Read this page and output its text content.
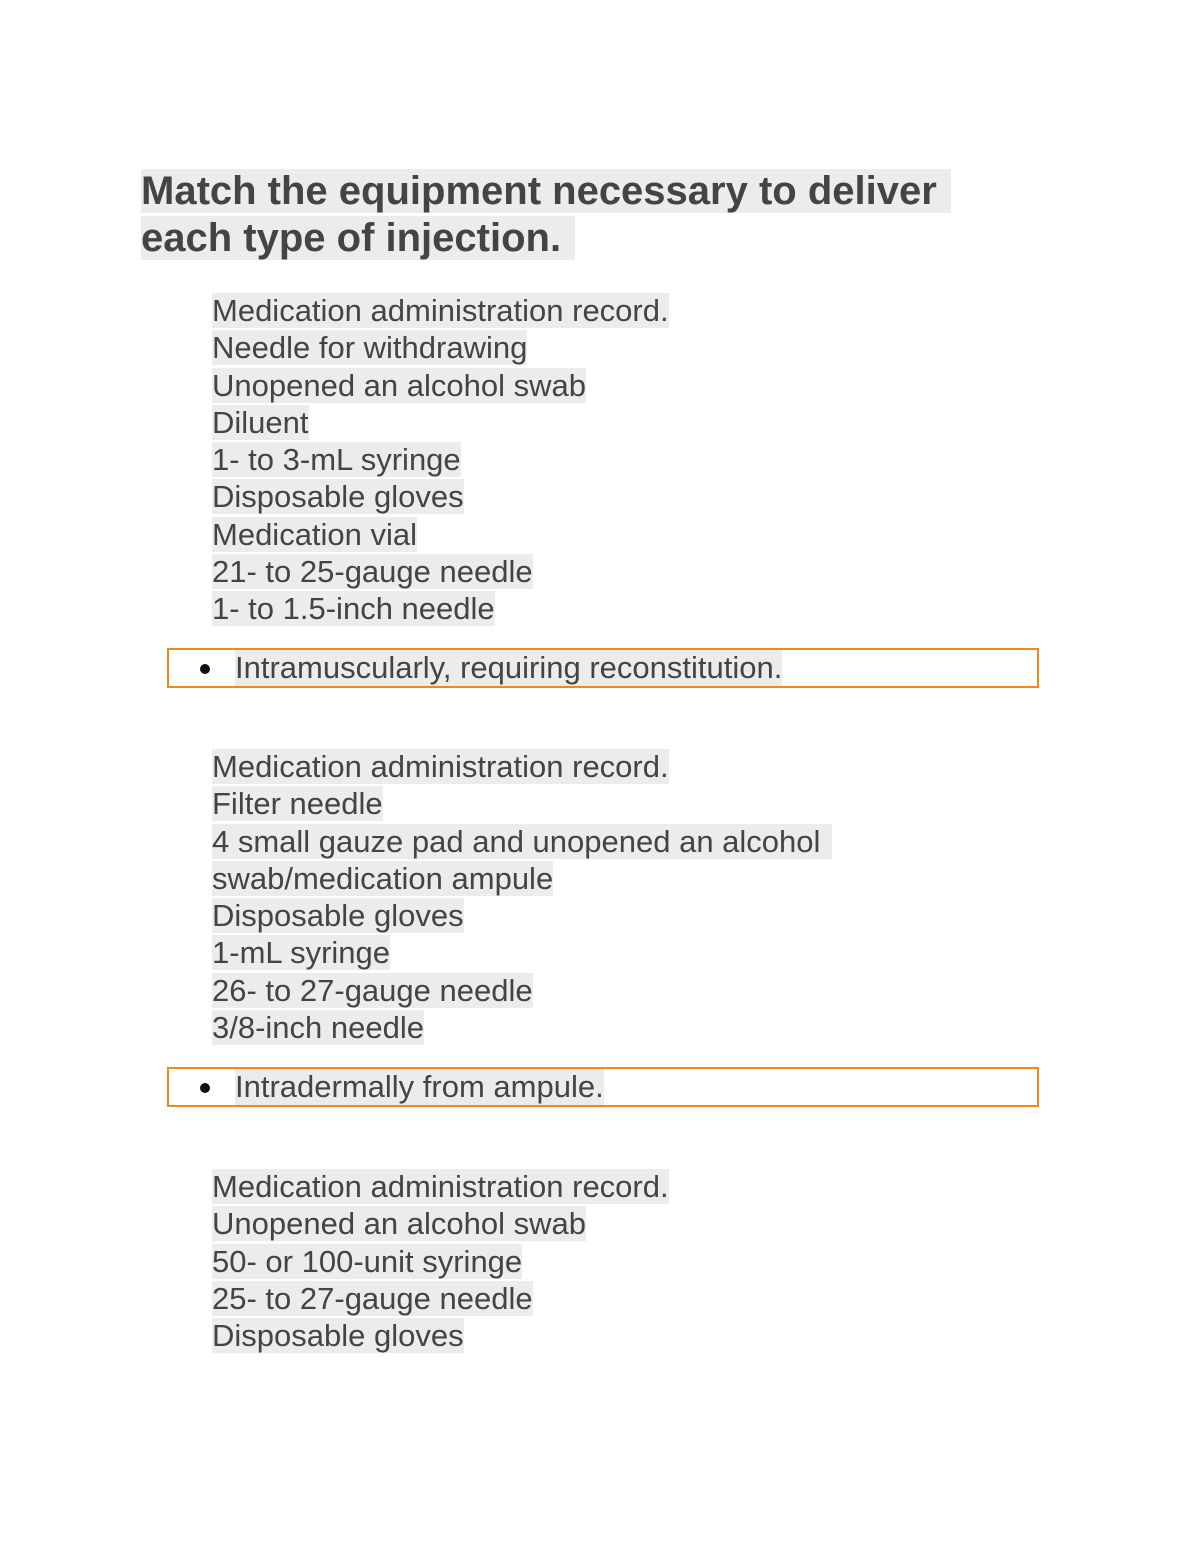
Match the equipment necessary to deliver
each type of injection.
Medication administration record.
Needle for withdrawing
Unopened an alcohol swab
Diluent
1- to 3-mL syringe
Disposable gloves
Medication vial
21- to 25-gauge needle
1- to 1.5-inch needle
Intramuscularly, requiring reconstitution.
Medication administration record.
Filter needle
4 small gauze pad and unopened an alcohol
swab/medication ampule
Disposable gloves
1-mL syringe
26- to 27-gauge needle
3/8-inch needle
Intradermally from ampule.
Medication administration record.
Unopened an alcohol swab
50- or 100-unit syringe
25- to 27-gauge needle
Disposable gloves
